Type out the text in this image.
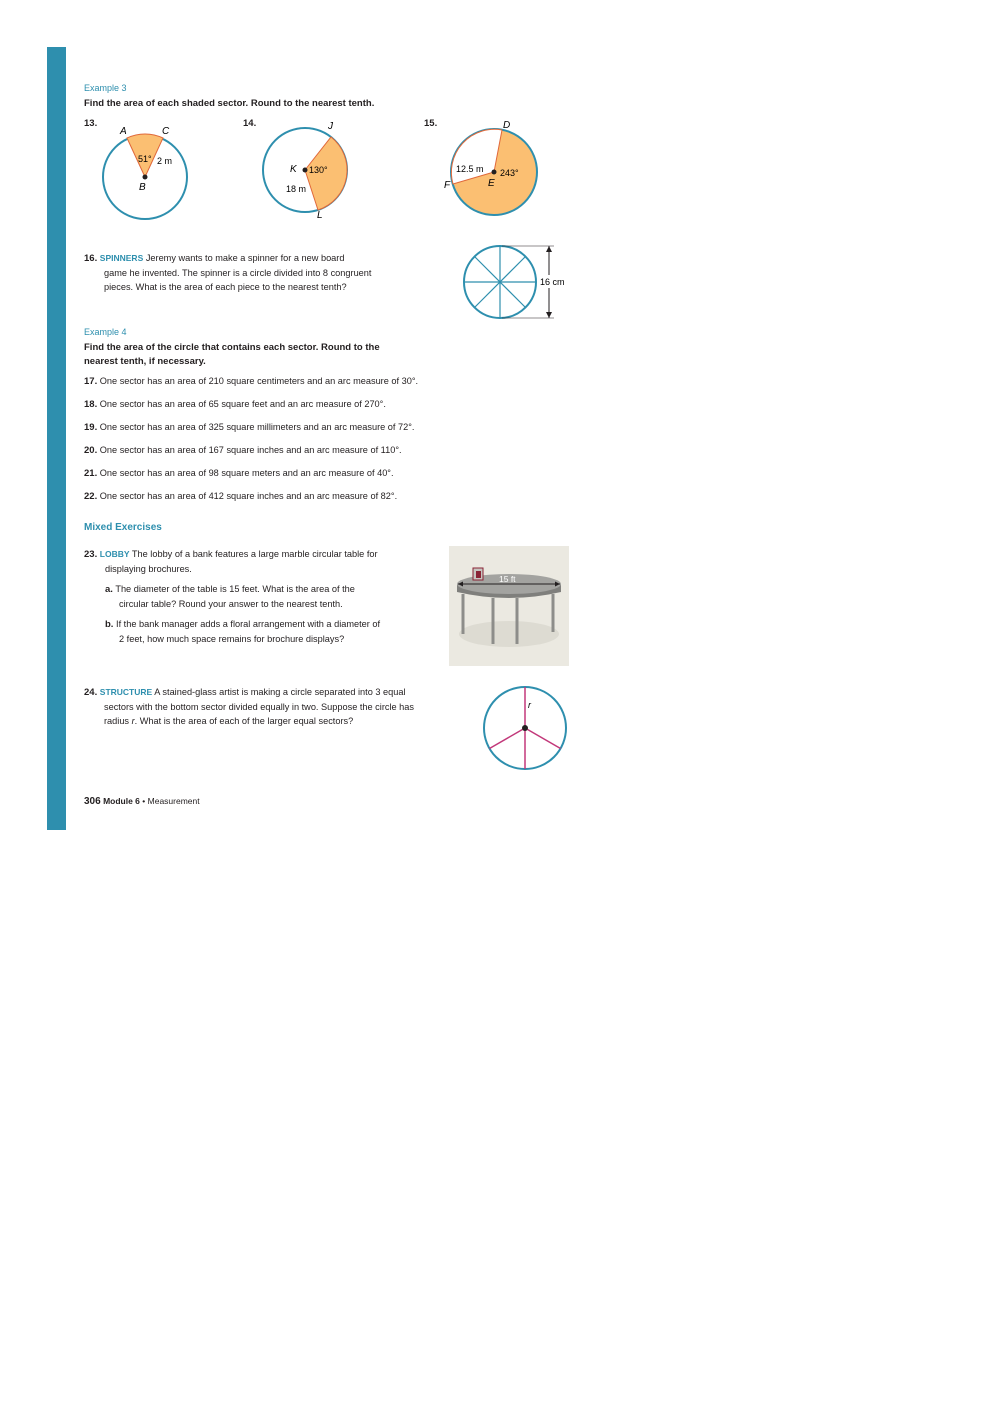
Example 3
Find the area of each shaded sector. Round to the nearest tenth.
13.
A	C
B
51° 2 m
14.	J
K
L
130°
18 m
15.	D
F	E
243°
12.5 m
16. SPINNERS Jeremy wants to make a spinner for a new board
game he invented. The spinner is a circle divided into 8 congruent
pieces. What is the area of each piece to the nearest tenth?	16 cm
Example 4
Find the area of the circle that contains each sector. Round to the
nearest tenth, if necessary.
17. One sector has an area of 210 square centimeters and an arc measure of 30°.
18. One sector has an area of 65 square feet and an arc measure of 270°.
19. One sector has an area of 325 square millimeters and an arc measure of 72°.
20. One sector has an area of 167 square inches and an arc measure of 110°.
21. One sector has an area of 98 square meters and an arc measure of 40°.
22. One sector has an area of 412 square inches and an arc measure of 82°.
Mixed Exercises
23. LOBBY The lobby of a bank features a large marble circular table for
displaying brochures.
a. The diameter of the table is 15 feet. What is the area of the
circular table? Round your answer to the nearest tenth.
b. If the bank manager adds a floral arrangement with a diameter of
2 feet, how much space remains for brochure displays?
15 ft
24. STRUCTURE A stained-glass artist is making a circle separated into 3 equal
sectors with the bottom sector divided equally in two. Suppose the circle has
radius r. What is the area of each of the larger equal sectors?
r
306 Module 6 • Measurement
